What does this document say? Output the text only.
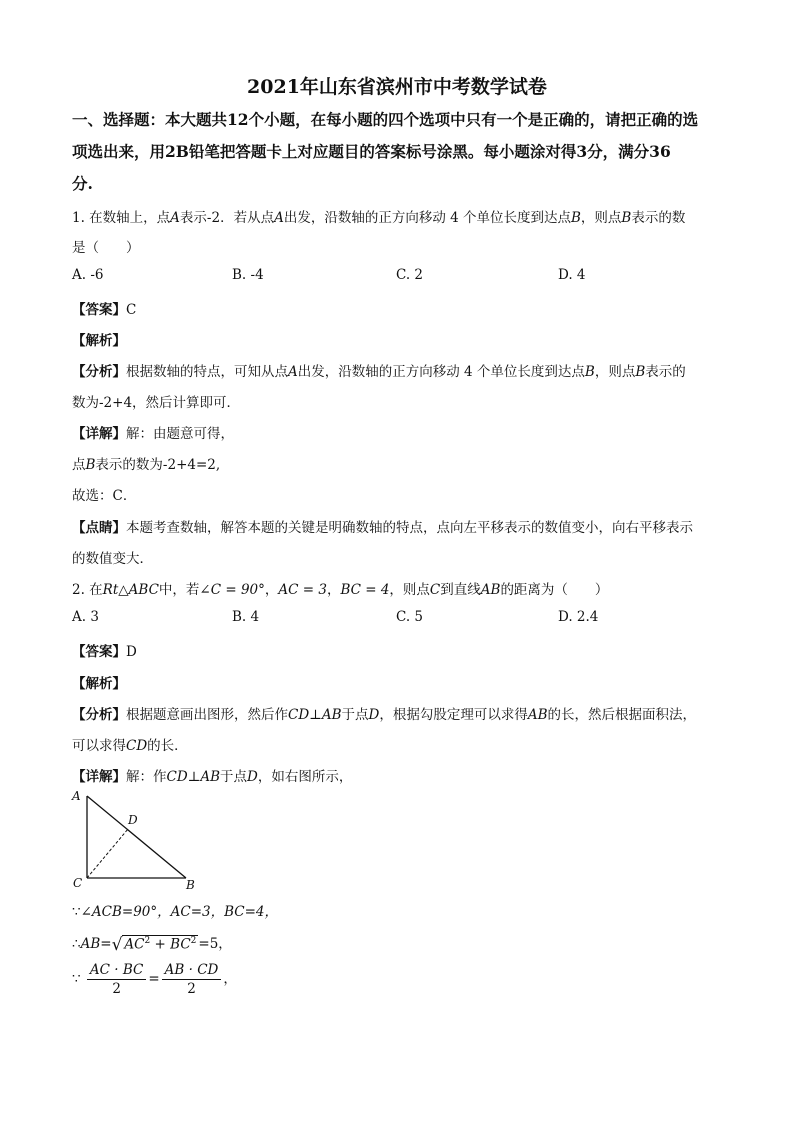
2021年山东省滨州市中考数学试卷
一、选择题：本大题共12个小题，在每小题的四个选项中只有一个是正确的，请把正确的选
项选出来，用2B铅笔把答题卡上对应题目的答案标号涂黑。每小题涂对得3分，满分36
分.
1. 在数轴上，点A表示-2．若从点A出发，沿数轴的正方向移动 4 个单位长度到达点B，则点B表示的数
是（　　）
A. -6	B. -4	C. 2	D. 4
【答案】C
【解析】
【分析】根据数轴的特点，可知从点A出发，沿数轴的正方向移动 4 个单位长度到达点B，则点B表示的
数为-2+4，然后计算即可．
【详解】解：由题意可得，
点B表示的数为-2+4=2,
故选：C．
【点睛】本题考查数轴，解答本题的关键是明确数轴的特点，点向左平移表示的数值变小，向右平移表示
的数值变大．
2. 在Rt△ABC中，若∠C = 90°，AC = 3，BC = 4，则点C到直线AB的距离为（　　）
A. 3	B. 4	C. 5	D. 2.4
【答案】D
【解析】
【分析】根据题意画出图形，然后作CD⊥AB于点D，根据勾股定理可以求得AB的长，然后根据面积法，
可以求得CD的长．
【详解】解：作CD⊥AB于点D，如右图所示，
A
D
C	B
∵∠ACB=90°，AC=3，BC=4，
∴AB=√ $AC^2 + BC^2 =5$，
∵ $\frac{AC \cdot BC}{2} = \frac{AB \cdot CD}{2}$ ，
